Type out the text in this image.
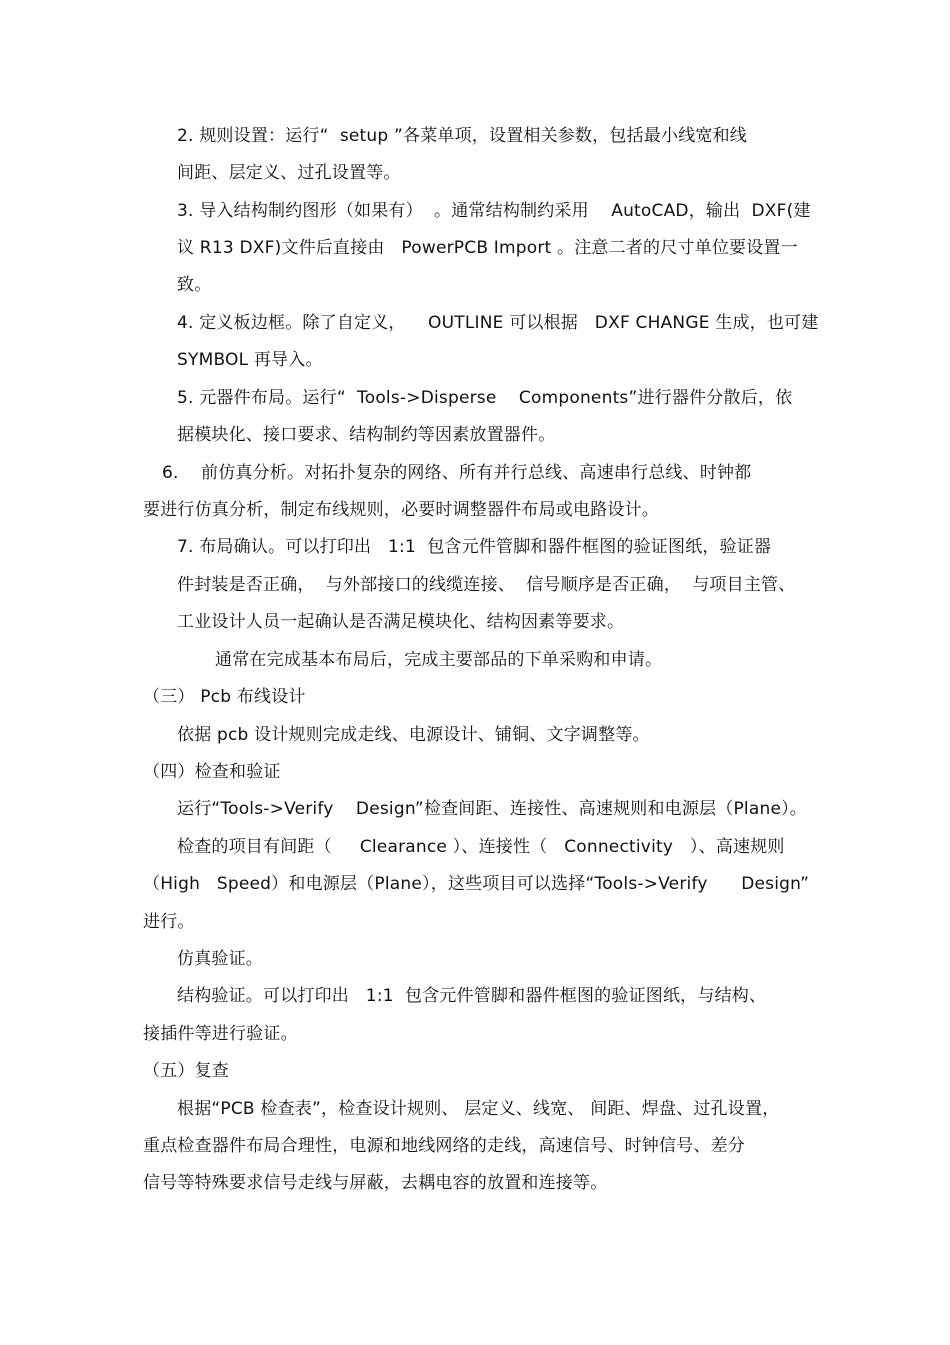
2. 规则设置：运行“  setup ”各菜单项，设置相关参数，包括最小线宽和线
间距、层定义、过孔设置等。
3. 导入结构制约图形（如果有）  。通常结构制约采用    AutoCAD，输出  DXF(建
议 R13 DXF)文件后直接由   PowerPCB Import 。注意二者的尺寸单位要设置一
致。
4. 定义板边框。除了自定义，    OUTLINE 可以根据   DXF CHANGE 生成，也可建
SYMBOL 再导入。
5. 元器件布局。运行“  Tools->Disperse    Components”进行器件分散后，依
据模块化、接口要求、结构制约等因素放置器件。
6.    前仿真分析。对拓扑复杂的网络、所有并行总线、高速串行总线、时钟都
要进行仿真分析，制定布线规则，必要时调整器件布局或电路设计。
7. 布局确认。可以打印出   1:1  包含元件管脚和器件框图的验证图纸，验证器
件封装是否正确，  与外部接口的线缆连接、  信号顺序是否正确，  与项目主管、
工业设计人员一起确认是否满足模块化、结构因素等要求。
通常在完成基本布局后，完成主要部品的下单采购和申请。
（三） Pcb 布线设计
依据 pcb 设计规则完成走线、电源设计、铺铜、文字调整等。
（四）检查和验证
运行“Tools->Verify    Design”检查间距、连接性、高速规则和电源层（Plane）。
检查的项目有间距（     Clearance ）、连接性（   Connectivity   ）、高速规则
（High   Speed）和电源层（Plane），这些项目可以选择“Tools->Verify      Design”
进行。
仿真验证。
结构验证。可以打印出   1:1  包含元件管脚和器件框图的验证图纸，与结构、
接插件等进行验证。
（五）复查
根据“PCB 检查表”，检查设计规则、 层定义、线宽、 间距、焊盘、过孔设置，
重点检查器件布局合理性，电源和地线网络的走线，高速信号、时钟信号、差分
信号等特殊要求信号走线与屏蔽，去耦电容的放置和连接等。
